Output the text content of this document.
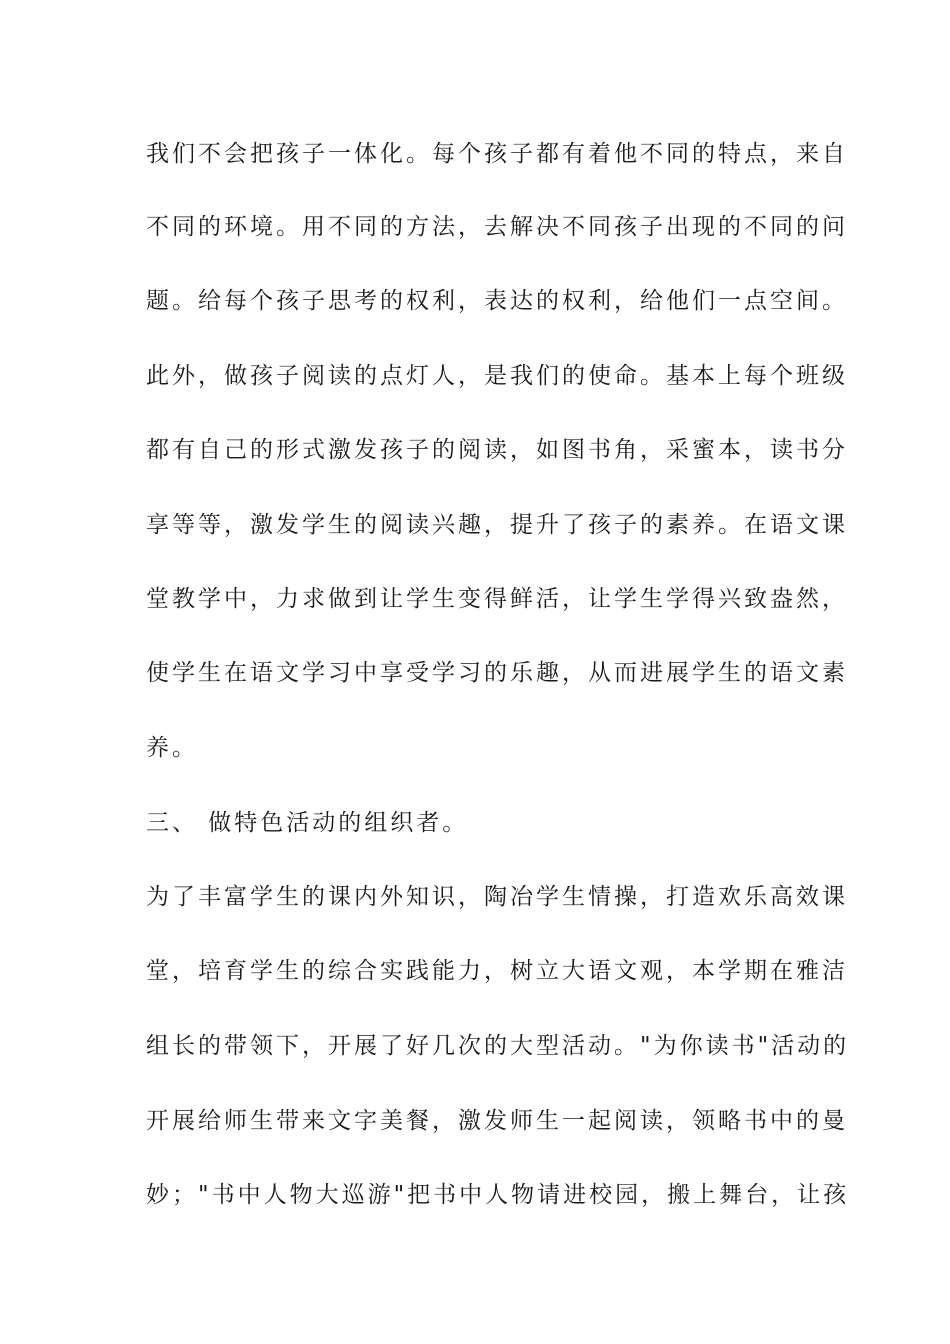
我们不会把孩子一体化。每个孩子都有着他不同的特点，来自
不同的环境。用不同的方法，去解决不同孩子出现的不同的问
题。给每个孩子思考的权利，表达的权利，给他们一点空间。
此外，做孩子阅读的点灯人，是我们的使命。基本上每个班级
都有自己的形式激发孩子的阅读，如图书角，采蜜本，读书分
享等等，激发学生的阅读兴趣，提升了孩子的素养。在语文课
堂教学中，力求做到让学生变得鲜活，让学生学得兴致盎然，
使学生在语文学习中享受学习的乐趣，从而进展学生的语文素
养。
三、 做特色活动的组织者。
为了丰富学生的课内外知识，陶冶学生情操，打造欢乐高效课
堂，培育学生的综合实践能力，树立大语文观，本学期在雅洁
组长的带领下，开展了好几次的大型活动。"为你读书"活动的
开展给师生带来文字美餐，激发师生一起阅读，领略书中的曼
妙；"书中人物大巡游"把书中人物请进校园，搬上舞台，让孩
